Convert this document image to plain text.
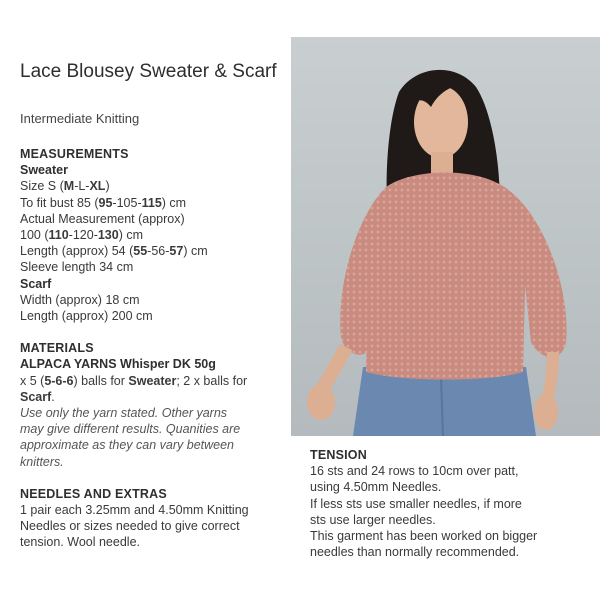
Lace Blousey Sweater & Scarf
Intermediate Knitting
MEASUREMENTS
Sweater
Size S (M-L-XL)
To fit bust 85 (95-105-115) cm
Actual Measurement (approx)
100 (110-120-130) cm
Length (approx) 54 (55-56-57) cm
Sleeve length 34 cm
Scarf
Width (approx) 18 cm
Length (approx) 200 cm
MATERIALS
ALPACA YARNS Whisper DK 50g
x 5 (5-6-6) balls for Sweater; 2 x balls for
Scarf.
Use only the yarn stated. Other yarns
may give different results. Quanities are
approximate as they can vary between
knitters.
NEEDLES AND EXTRAS
1 pair each 3.25mm and 4.50mm Knitting
Needles or sizes needed to give correct
tension. Wool needle.
TENSION
16 sts and 24 rows to 10cm over patt,
using 4.50mm Needles.
If less sts use smaller needles, if more
sts use larger needles.
This garment has been worked on bigger
needles than normally recommended.
